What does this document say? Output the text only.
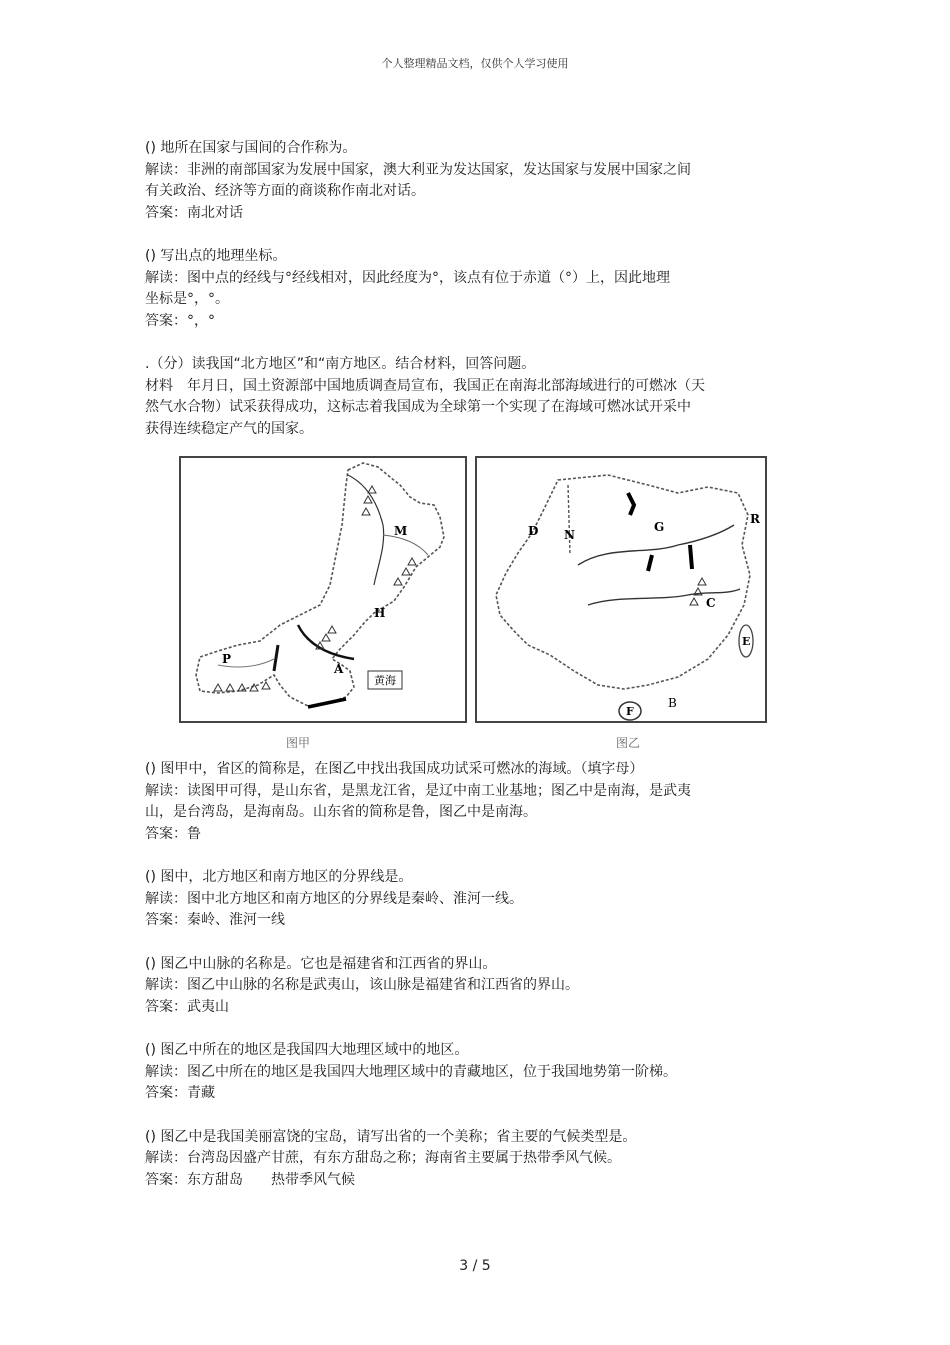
个人整理精品文档，仅供个人学习使用

() 地所在国家与国间的合作称为。

解读：非洲的南部国家为发展中国家，澳大利亚为发达国家，发达国家与发展中国家之间

有关政治、经济等方面的商谈称作南北对话。

答案：南北对话

() 写出点的地理坐标。

解读：图中点的经线与°经线相对，因此经度为°，该点有位于赤道（°）上，因此地理

坐标是°，°。

答案：°，°

.（分）读我国“北方地区”和“南方地区。结合材料，回答问题。

材料　年月日，国土资源部中国地质调查局宣布，我国正在南海北部海域进行的可燃冰（天

然气水合物）试采获得成功，这标志着我国成为全球第一个实现了在海域可燃冰试开采中

获得连续稳定产气的国家。

M
H
P
A
黄海
图甲
D N
G
R
C
E
F
B
图乙

() 图甲中，省区的简称是，在图乙中找出我国成功试采可燃冰的海域。（填字母）

解读：读图甲可得，是山东省，是黑龙江省，是辽中南工业基地；图乙中是南海，是武夷

山，是台湾岛，是海南岛。山东省的简称是鲁，图乙中是南海。

答案：鲁

() 图中，北方地区和南方地区的分界线是。

解读：图中北方地区和南方地区的分界线是秦岭、淮河一线。

答案：秦岭、淮河一线

() 图乙中山脉的名称是。它也是福建省和江西省的界山。

解读：图乙中山脉的名称是武夷山，该山脉是福建省和江西省的界山。

答案：武夷山

() 图乙中所在的地区是我国四大地理区域中的地区。

解读：图乙中所在的地区是我国四大地理区域中的青藏地区，位于我国地势第一阶梯。

答案：青藏

() 图乙中是我国美丽富饶的宝岛，请写出省的一个美称；省主要的气候类型是。

解读：台湾岛因盛产甘蔗，有东方甜岛之称；海南省主要属于热带季风气候。

答案：东方甜岛　　热带季风气候

3 / 5
